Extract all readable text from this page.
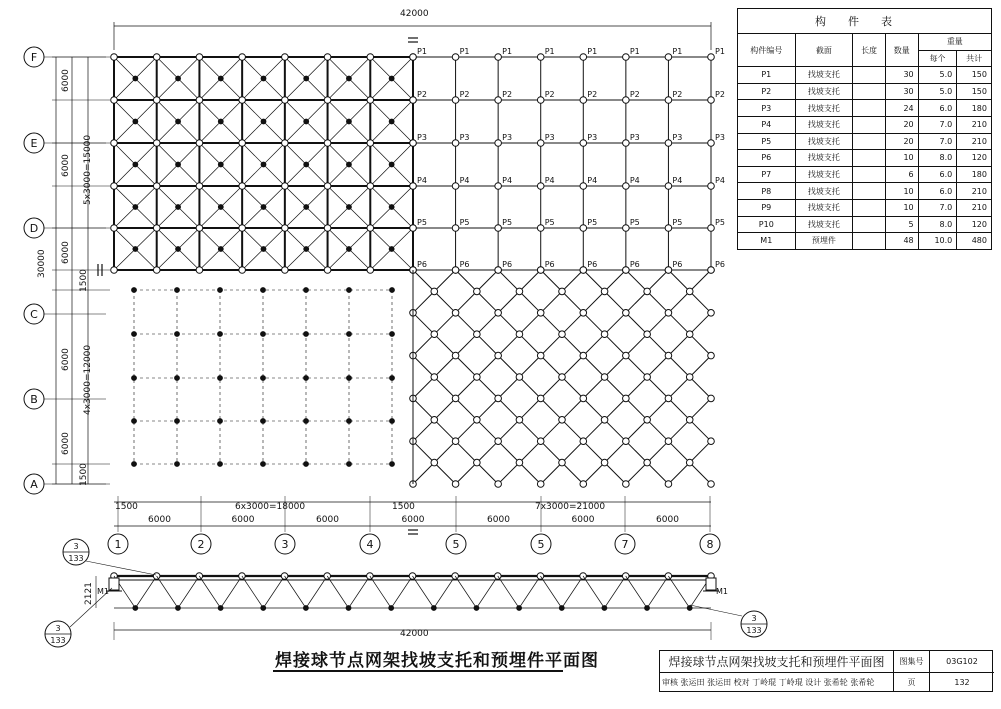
P1	P1	P1	P1	P1	P1	P1	P1
P2	P2	P2	P2	P2	P2	P2	P2
P3	P3	P3	P3	P3	P3	P3	P3
P4	P4	P4	P4	P4	P4	P4	P4
P5	P5	P5	P5	P5	P5	P5	P5
P6	P6	P6	P6	P6	P6	P6	P6
F
E
D
C
B
A
6000
6000
6000
6000
6000
1500
1500
1	2	3	4	5	5	7	8
6000	6000	6000	6000	6000	6000	6000
3
133
3
133
3
133
42000
30000
5x3000=15000
4x3000=12000
1500	6x3000=18000	1500	7x3000=21000
2121 M1	M1
42000
构件表					
构件编号	截面	长度	数量	重量	
				每个	共计
P1	找坡支托		30	5.0	150
P2	找坡支托		30	5.0	150
P3	找坡支托		24	6.0	180
P4	找坡支托		20	7.0	210
P5	找坡支托		20	7.0	210
P6	找坡支托		10	8.0	120
P7	找坡支托		6	6.0	180
P8	找坡支托		10	6.0	210
P9	找坡支托		10	7.0	210
P10	找坡支托		5	8.0	120
M1	预埋件		48	10.0	480
焊接球节点网架找坡支托和预埋件平面图	焊接球节点网架找坡支托和预埋件平面图	图集号	03G102
审核 张运田 张运田 校对 丁岭琨 丁岭琨 设计 张希轮 张希轮	页	132
